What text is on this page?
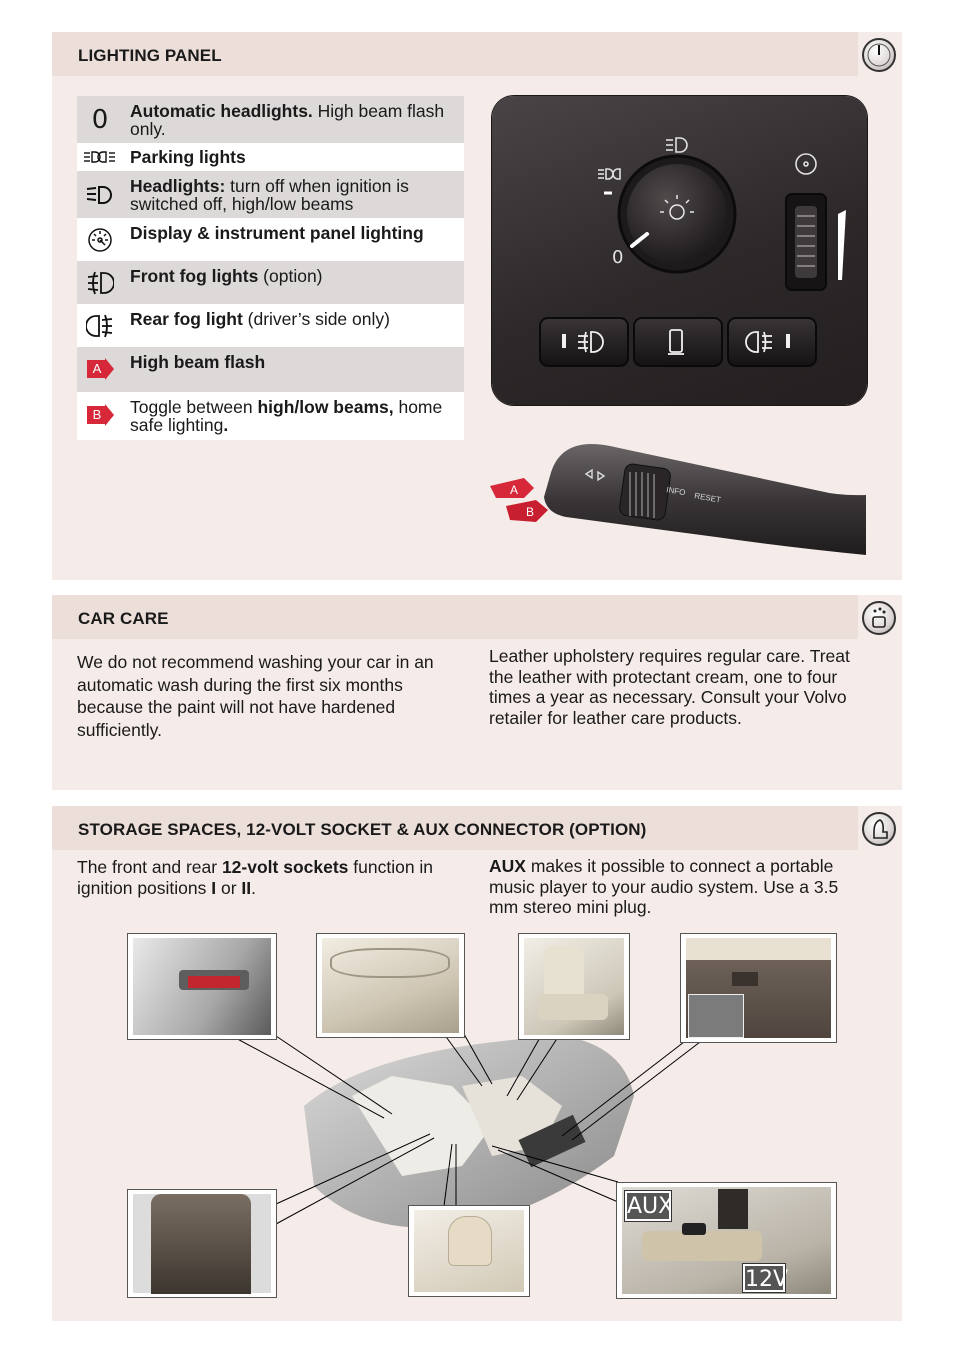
LIGHTING PANEL
0 Automatic headlights. High beam flash only.
Parking lights
Headlights: turn off when ignition is switched off, high/low beams
Display & instrument panel lighting
Front fog lights (option)
Rear fog light (driver’s side only)
A	High beam flash
B	Toggle between high/low beams, home safe lighting.
0
INFO RESET
A
B
CAR CARE
We do not recommend washing your car in an automatic wash during the first six months because the paint will not have hardened sufficiently.
Leather upholstery requires regular care. Treat the leather with protectant cream, one to four times a year as necessary. Consult your Volvo retailer for leather care products.
STORAGE SPACES, 12-VOLT SOCKET & AUX CONNECTOR (OPTION)
The front and rear 12-volt sockets function in ignition positions I or II.
AUX makes it possible to connect a portable music player to your audio system. Use a 3.5 mm stereo mini plug.
AUX
12V
